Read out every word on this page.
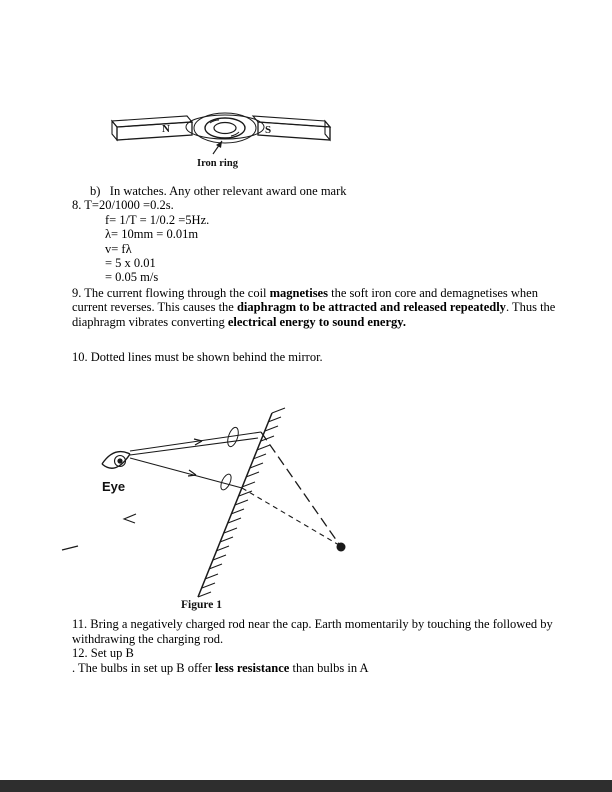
N	S
Iron ring
b)   In watches. Any other relevant award one mark
8. T=20/1000 =0.2s.
f= 1/T = 1/0.2 =5Hz.
λ= 10mm = 0.01m
v= fλ
= 5 x 0.01
= 0.05 m/s

9. The current flowing through the coil magnetises the soft iron core and demagnetises when current reverses. This causes the diaphragm to be attracted and released repeatedly. Thus the diaphragm vibrates converting electrical energy to sound energy.

10. Dotted lines must be shown behind the mirror.
Eye
Figure 1

11. Bring a negatively charged rod near the cap. Earth momentarily by touching the followed by withdrawing the charging rod.

12. Set up B

. The bulbs in set up B offer less resistance than bulbs in A
